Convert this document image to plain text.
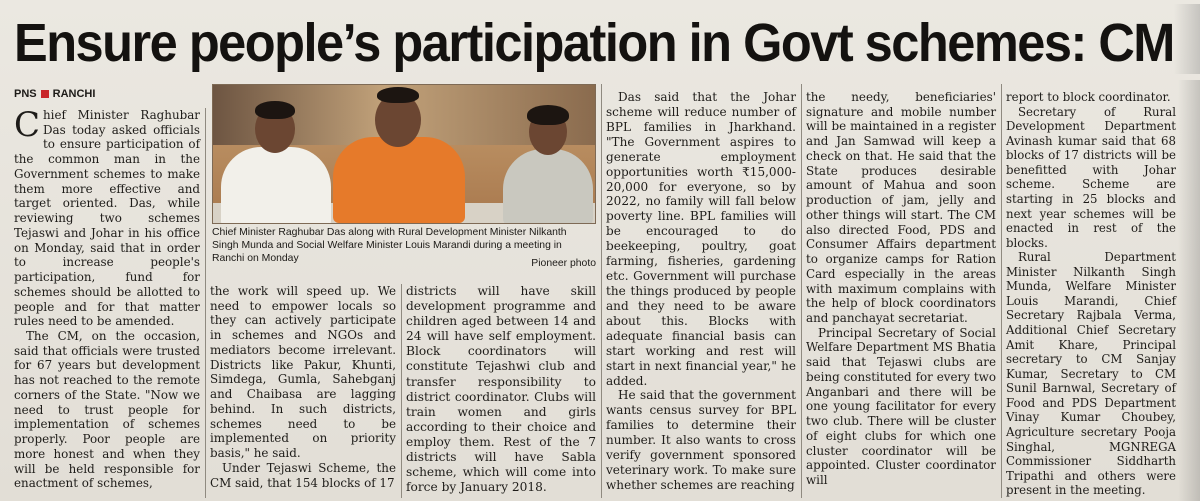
Ensure people’s participation in Govt schemes: CM
PNS RANCHI

Chief Minister Raghubar Das today asked officials to ensure participation of the common man in the Government schemes to make them more effective and target oriented. Das, while reviewing two schemes Tejaswi and Johar in his office on Monday, said that in order to increase people's participation, fund for schemes should be allotted to people and for that matter rules need to be amended.

The CM, on the occasion, said that officials were trusted for 67 years but development has not reached to the remote corners of the State. "Now we need to trust people for implementation of schemes properly. Poor people are more honest and when they will be held responsible for enactment of schemes,

Chief Minister Raghubar Das along with Rural Development Minister Nilkanth Singh Munda and Social Welfare Minister Louis Marandi during a meeting in Ranchi on Monday	Pioneer photo

the work will speed up. We need to empower locals so they can actively participate in schemes and NGOs and mediators become irrelevant. Districts like Pakur, Khunti, Simdega, Gumla, Sahebganj and Chaibasa are lagging behind. In such districts, schemes need to be implemented on priority basis," he said.

Under Tejaswi Scheme, the CM said, that 154 blocks of 17

districts will have skill development programme and children aged between 14 and 24 will have self employment. Block coordinators will constitute Tejashwi club and transfer responsibility to district coordinator. Clubs will train women and girls according to their choice and employ them. Rest of the 7 districts will have Sabla scheme, which will come into force by January 2018.

Das said that the Johar scheme will reduce number of BPL families in Jharkhand. "The Government aspires to generate employment opportunities worth ₹15,000-20,000 for everyone, so by 2022, no family will fall below poverty line. BPL families will be encouraged to do beekeeping, poultry, goat farming, fisheries, gardening etc. Government will purchase the things produced by people and they need to be aware about this. Blocks with adequate financial basis can start working and rest will start in next financial year," he added.

He said that the government wants census survey for BPL families to determine their number. It also wants to cross verify government sponsored veterinary work. To make sure whether schemes are reaching

the needy, beneficiaries' signature and mobile number will be maintained in a register and Jan Samwad will keep a check on that. He said that the State produces desirable amount of Mahua and soon production of jam, jelly and other things will start. The CM also directed Food, PDS and Consumer Affairs department to organize camps for Ration Card especially in the areas with maximum complains with the help of block coordinators and panchayat secretariat.

Principal Secretary of Social Welfare Department MS Bhatia said that Tejaswi clubs are being constituted for every two Anganbari and there will be one young facilitator for every two club. There will be cluster of eight clubs for which one cluster coordinator will be appointed. Cluster coordinator will

report to block coordinator.

Secretary of Rural Development Department Avinash kumar said that 68 blocks of 17 districts will be benefitted with Johar scheme. Scheme are starting in 25 blocks and next year schemes will be enacted in rest of the blocks.

Rural Department Minister Nilkanth Singh Munda, Welfare Minister Louis Marandi, Chief Secretary Rajbala Verma, Additional Chief Secretary Amit Khare, Principal secretary to CM Sanjay Kumar, Secretary to CM Sunil Barnwal, Secretary of Food and PDS Department Vinay Kumar Choubey, Agriculture secretary Pooja Singhal, MGNREGA Commissioner Siddharth Tripathi and others were present in the meeting.
